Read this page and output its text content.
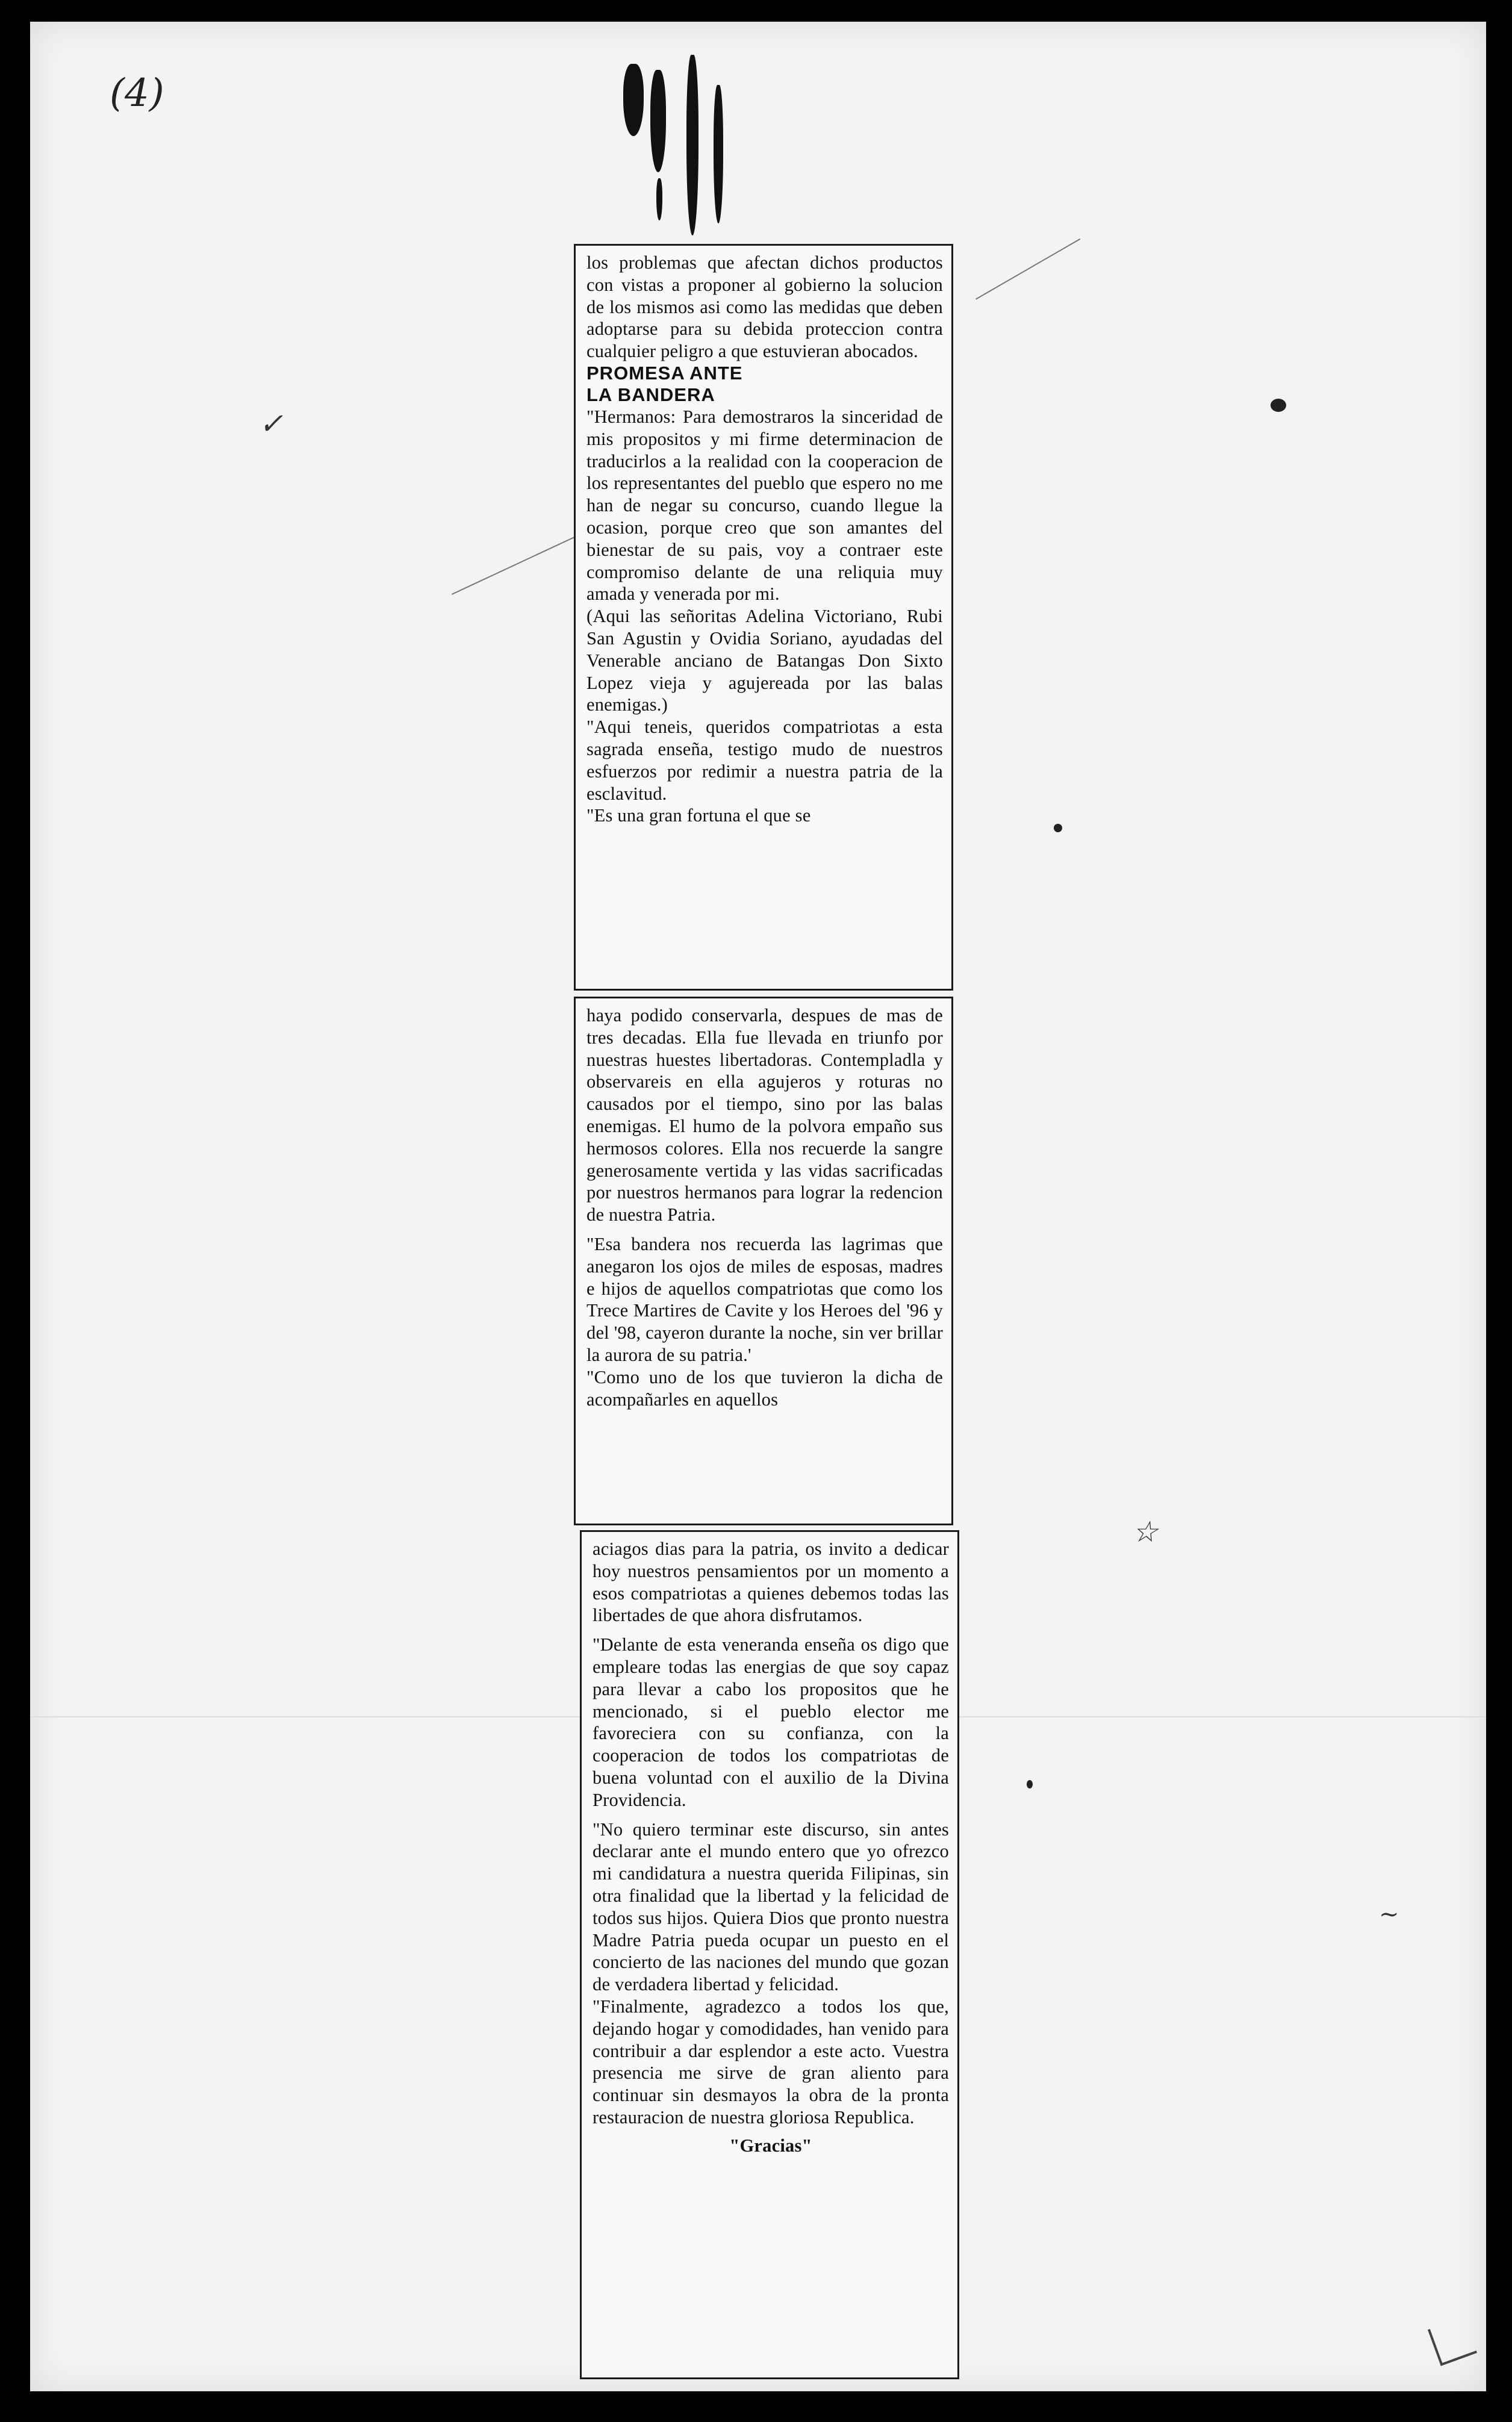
(4)
✓
☆
~

los problemas que afectan dichos productos con vistas a proponer al gobierno la solucion de los mismos asi como las medidas que deben adoptarse para su debida proteccion contra cualquier peligro a que estuvieran abocados.

PROMESA ANTE

LA BANDERA

"Hermanos: Para demostraros la sinceridad de mis propositos y mi firme determinacion de traducirlos a la realidad con la cooperacion de los representantes del pueblo que espero no me han de negar su concurso, cuando llegue la ocasion, porque creo que son amantes del bienestar de su pais, voy a contraer este compromiso delante de una reliquia muy amada y venerada por mi.

(Aqui las señoritas Adelina Victoriano, Rubi San Agustin y Ovidia Soriano, ayudadas del Venerable anciano de Batangas Don Sixto Lopez vieja y agujereada por las balas enemigas.)

"Aqui teneis, queridos compatriotas a esta sagrada enseña, testigo mudo de nuestros esfuerzos por redimir a nuestra patria de la esclavitud.

"Es una gran fortuna el que se

haya podido conservarla, despues de mas de tres decadas. Ella fue llevada en triunfo por nuestras huestes libertadoras. Contempladla y observareis en ella agujeros y roturas no causados por el tiempo, sino por las balas enemigas. El humo de la polvora empaño sus hermosos colores. Ella nos recuerde la sangre generosamente vertida y las vidas sacrificadas por nuestros hermanos para lograr la redencion de nuestra Patria.

"Esa bandera nos recuerda las lagrimas que anegaron los ojos de miles de esposas, madres e hijos de aquellos compatriotas que como los Trece Martires de Cavite y los Heroes del '96 y del '98, cayeron durante la noche, sin ver brillar la aurora de su patria.'

"Como uno de los que tuvieron la dicha de acompañarles en aquellos

aciagos dias para la patria, os invito a dedicar hoy nuestros pensamientos por un momento a esos compatriotas a quienes debemos todas las libertades de que ahora disfrutamos.

"Delante de esta veneranda enseña os digo que empleare todas las energias de que soy capaz para llevar a cabo los propositos que he mencionado, si el pueblo elector me favoreciera con su confianza, con la cooperacion de todos los compatriotas de buena voluntad con el auxilio de la Divina Providencia.

"No quiero terminar este discurso, sin antes declarar ante el mundo entero que yo ofrezco mi candidatura a nuestra querida Filipinas, sin otra finalidad que la libertad y la felicidad de todos sus hijos. Quiera Dios que pronto nuestra Madre Patria pueda ocupar un puesto en el concierto de las naciones del mundo que gozan de verdadera libertad y felicidad.

"Finalmente, agradezco a todos los que, dejando hogar y comodidades, han venido para contribuir a dar esplendor a este acto. Vuestra presencia me sirve de gran aliento para continuar sin desmayos la obra de la pronta restauracion de nuestra gloriosa Republica.

"Gracias"
